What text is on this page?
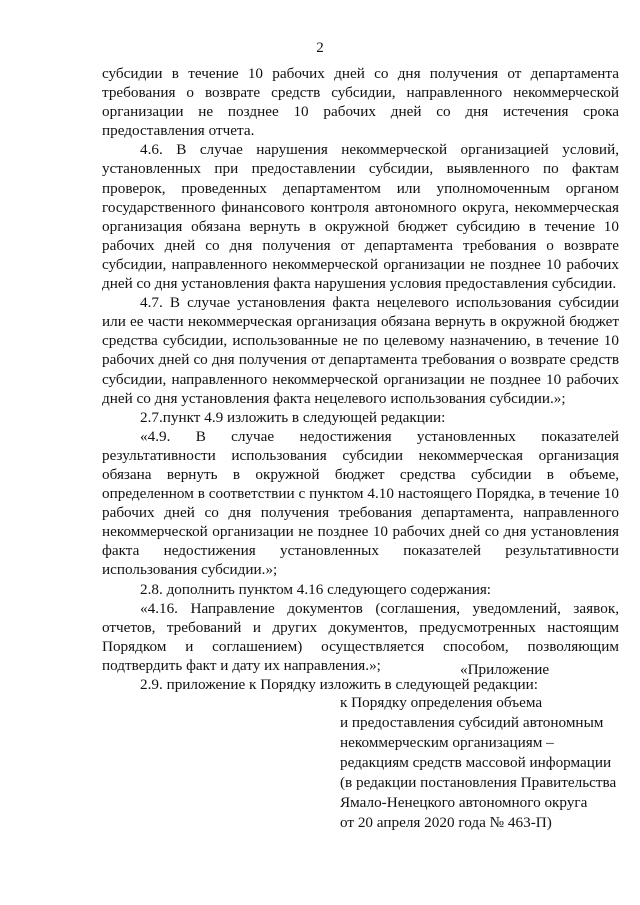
2

субсидии в течение 10 рабочих дней со дня получения от департамента требования о возврате средств субсидии, направленного некоммерческой организации не позднее 10 рабочих дней со дня истечения срока предоставления отчета.

4.6. В случае нарушения некоммерческой организацией условий, установленных при предоставлении субсидии, выявленного по фактам проверок, проведенных департаментом или уполномоченным органом государственного финансового контроля автономного округа, некоммерческая организация обязана вернуть в окружной бюджет субсидию в течение 10 рабочих дней со дня получения от департамента требования о возврате субсидии, направленного некоммерческой организации не позднее 10 рабочих дней со дня установления факта нарушения условия предоставления субсидии.

4.7. В случае установления факта нецелевого использования субсидии или ее части некоммерческая организация обязана вернуть в окружной бюджет средства субсидии, использованные не по целевому назначению, в течение 10 рабочих дней со дня получения от департамента требования о возврате средств субсидии, направленного некоммерческой организации не позднее 10 рабочих дней со дня установления факта нецелевого использования субсидии.»;

2.7.пункт 4.9 изложить в следующей редакции:

«4.9. В случае недостижения установленных показателей результативности использования субсидии некоммерческая организация обязана вернуть в окружной бюджет средства субсидии в объеме, определенном в соответствии с пунктом 4.10 настоящего Порядка, в течение 10 рабочих дней со дня получения требования департамента, направленного некоммерческой организации не позднее 10 рабочих дней со дня установления факта недостижения установленных показателей результативности использования субсидии.»;

2.8. дополнить пунктом 4.16 следующего содержания:

«4.16. Направление документов (соглашения, уведомлений, заявок, отчетов, требований и других документов, предусмотренных настоящим Порядком и соглашением) осуществляется способом, позволяющим подтвердить факт и дату их направления.»;

2.9. приложение к Порядку изложить в следующей редакции:

«Приложение

к Порядку определения объема
и предоставления субсидий автономным
некоммерческим организациям –
редакциям средств массовой информации
(в редакции постановления Правительства
Ямало-Ненецкого автономного округа
от 20 апреля 2020 года № 463-П)
